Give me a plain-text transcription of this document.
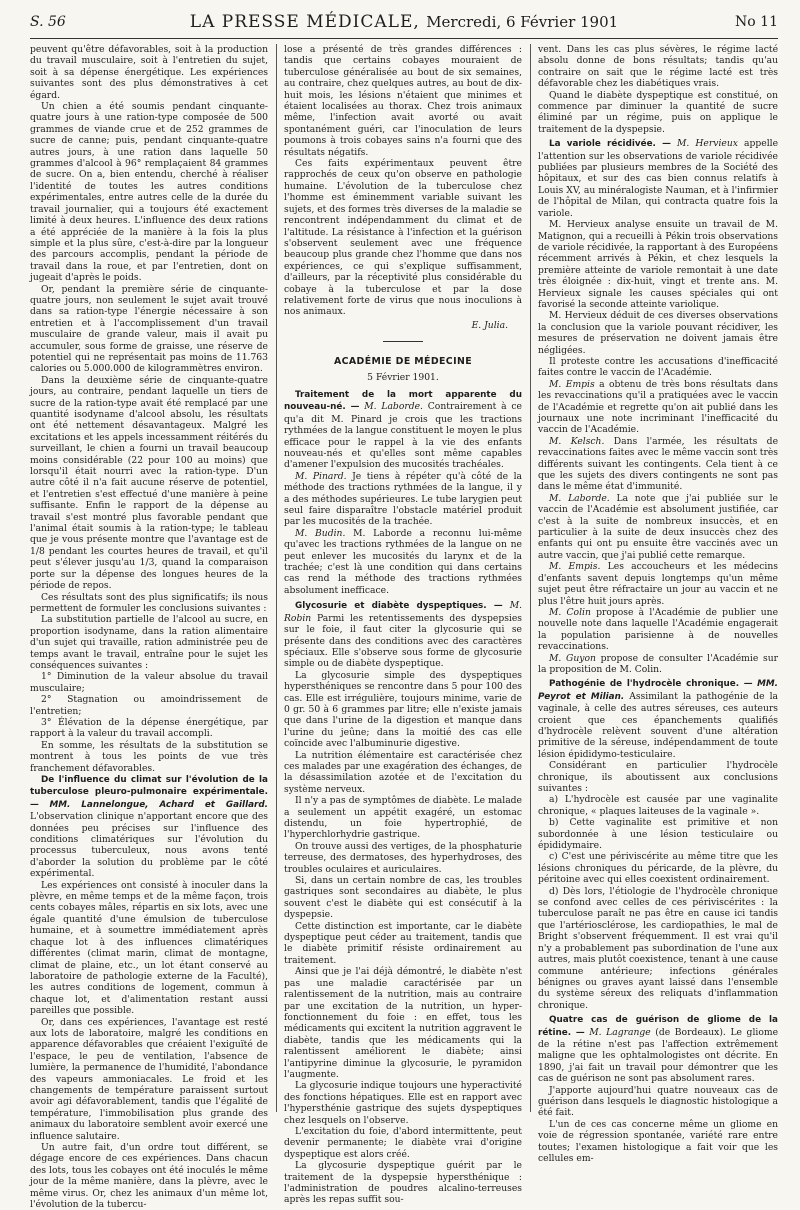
S. 56	LA PRESSE MÉDICALE, Mercredi, 6 Février 1901	No 11

peuvent qu'être défavorables, soit à la production du travail musculaire, soit à l'entretien du sujet, soit à sa dépense énergétique. Les expériences suivantes sont des plus démonstratives à cet égard.

Un chien a été soumis pendant cinquante-quatre jours à une ration-type composée de 500 grammes de viande crue et de 252 grammes de sucre de canne; puis, pendant cinquante-quatre autres jours, à une ration dans laquelle 50 grammes d'alcool à 96° remplaçaient 84 grammes de sucre. On a, bien entendu, cherché à réaliser l'identité de toutes les autres conditions expérimentales, entre autres celle de la durée du travail journalier, qui a toujours été exactement limité à deux heures. L'influence des deux rations a été appréciée de la manière à la fois la plus simple et la plus sûre, c'est-à-dire par la longueur des parcours accomplis, pendant la période de travail dans la roue, et par l'entretien, dont on jugeait d'après le poids.

Or, pendant la première série de cinquante-quatre jours, non seulement le sujet avait trouvé dans sa ration-type l'énergie nécessaire à son entretien et à l'accomplissement d'un travail musculaire de grande valeur, mais il avait pu accumuler, sous forme de graisse, une réserve de potentiel qui ne représentait pas moins de 11.763 calories ou 5.000.000 de kilogrammètres environ.

Dans la deuxième série de cinquante-quatre jours, au contraire, pendant laquelle un tiers de sucre de la ration-type avait été remplacé par une quantité isodyname d'alcool absolu, les résultats ont été nettement désavantageux. Malgré les excitations et les appels incessamment réitérés du surveillant, le chien a fourni un travail beaucoup moins considérable (22 pour 100 au moins) que lorsqu'il était nourri avec la ration-type. D'un autre côté il n'a fait aucune réserve de potentiel, et l'entretien s'est effectué d'une manière à peine suffisante. Enfin le rapport de la dépense au travail s'est montré plus favorable pendant que l'animal était soumis à la ration-type; le tableau que je vous présente montre que l'avantage est de 1/8 pendant les courtes heures de travail, et qu'il peut s'élever jusqu'au 1/3, quand la comparaison porte sur la dépense des longues heures de la période de repos.

Ces résultats sont des plus significatifs; ils nous permettent de formuler les conclusions suivantes :

La substitution partielle de l'alcool au sucre, en proportion isodyname, dans la ration alimentaire d'un sujet qui travaille, ration administrée peu de temps avant le travail, entraîne pour le sujet les conséquences suivantes :

1° Diminution de la valeur absolue du travail musculaire;

2° Stagnation ou amoindrissement de l'entretien;

3° Élévation de la dépense énergétique, par rapport à la valeur du travail accompli.

En somme, les résultats de la substitution se montrent à tous les points de vue très franchement défavorables.

De l'influence du climat sur l'évolution de la tuberculose pleuro-pulmonaire expérimentale. — MM. Lannelongue, Achard et Gaillard. L'observation clinique n'apportant encore que des données peu précises sur l'influence des conditions climatériques sur l'évolution du processus tuberculeux, nous avons tenté d'aborder la solution du problème par le côté expérimental.

Les expériences ont consisté à inoculer dans la plèvre, en même temps et de la même façon, trois cents cobayes mâles, répartis en six lots, avec une égale quantité d'une émulsion de tuberculose humaine, et à soumettre immédiatement après chaque lot à des influences climatériques différentes (climat marin, climat de montagne, climat de plaine, etc., un lot étant conservé au laboratoire de pathologie externe de la Faculté), les autres conditions de logement, commun à chaque lot, et d'alimentation restant aussi pareilles que possible.

Or, dans ces expériences, l'avantage est resté aux lots de laboratoire, malgré les conditions en apparence défavorables que créaient l'exiguïté de l'espace, le peu de ventilation, l'absence de lumière, la permanence de l'humidité, l'abondance des vapeurs ammoniacales. Le froid et les changements de température paraissent surtout avoir agi défavorablement, tandis que l'égalité de température, l'immobilisation plus grande des animaux du laboratoire semblent avoir exercé une influence salutaire.

Un autre fait, d'un ordre tout différent, se dégage encore de ces expériences. Dans chacun des lots, tous les cobayes ont été inoculés le même jour de la même manière, dans la plèvre, avec le même virus. Or, chez les animaux d'un même lot, l'évolution de la tubercu-

lose a présenté de très grandes différences : tandis que certains cobayes mouraient de tuberculose généralisée au bout de six semaines, au contraire, chez quelques autres, au bout de dix-huit mois, les lésions n'étaient que minimes et étaient localisées au thorax. Chez trois animaux même, l'infection avait avorté ou avait spontanément guéri, car l'inoculation de leurs poumons à trois cobayes sains n'a fourni que des résultats négatifs.

Ces faits expérimentaux peuvent être rapprochés de ceux qu'on observe en pathologie humaine. L'évolution de la tuberculose chez l'homme est éminemment variable suivant les sujets, et des formes très diverses de la maladie se rencontrent indépendamment du climat et de l'altitude. La résistance à l'infection et la guérison s'observent seulement avec une fréquence beaucoup plus grande chez l'homme que dans nos expériences, ce qui s'explique suffisamment, d'ailleurs, par la réceptivité plus considérable du cobaye à la tuberculose et par la dose relativement forte de virus que nous inoculions à nos animaux.

E. Julia.

ACADÉMIE DE MÉDECINE
5 Février 1901.

Traitement de la mort apparente du nouveau-né. — M. Laborde. Contrairement à ce qu'a dit M. Pinard je crois que les tractions rythmées de la langue constituent le moyen le plus efficace pour le rappel à la vie des enfants nouveau-nés et qu'elles sont même capables d'amener l'expulsion des mucosités trachéales.

M. Pinard. Je tiens à répéter qu'à côté de la méthode des tractions rythmées de la langue, il y a des méthodes supérieures. Le tube larygien peut seul faire disparaître l'obstacle matériel produit par les mucosités de la trachée.

M. Budin. M. Laborde a reconnu lui-même qu'avec les tractions rythmées de la langue on ne peut enlever les mucosités du larynx et de la trachée; c'est là une condition qui dans certains cas rend la méthode des tractions rythmées absolument inefficace.

Glycosurie et diabète dyspeptiques. — M. Robin Parmi les retentissements des dyspepsies sur le foie, il faut citer la glycosurie qui se présente dans des conditions avec des caractères spéciaux. Elle s'observe sous forme de glycosurie simple ou de diabète dyspeptique.

La glycosurie simple des dyspeptiques hypersthéniques se rencontre dans 5 pour 100 des cas. Elle est irrégulière, toujours minime, varie de 0 gr. 50 à 6 grammes par litre; elle n'existe jamais que dans l'urine de la digestion et manque dans l'urine du jeûne; dans la moitié des cas elle coïncide avec l'albuminurie digestive.

La nutrition élémentaire est caractérisée chez ces malades par une exagération des échanges, de la désassimilation azotée et de l'excitation du système nerveux.

Il n'y a pas de symptômes de diabète. Le malade a seulement un appétit exagéré, un estomac distendu, un foie hypertrophié, de l'hyperchlorhydrie gastrique.

On trouve aussi des vertiges, de la phosphaturie terreuse, des dermatoses, des hyperhydroses, des troubles oculaires et auriculaires.

Si, dans un certain nombre de cas, les troubles gastriques sont secondaires au diabète, le plus souvent c'est le diabète qui est consécutif à la dyspepsie.

Cette distinction est importante, car le diabète dyspeptique peut céder au traitement, tandis que le diabète primitif résiste ordinairement au traitement.

Ainsi que je l'ai déjà démontré, le diabète n'est pas une maladie caractérisée par un ralentissement de la nutrition, mais au contraire par une excitation de la nutrition, un hyper-fonctionnement du foie : en effet, tous les médicaments qui excitent la nutrition aggravent le diabète, tandis que les médicaments qui la ralentissent améliorent le diabète; ainsi l'antipyrine diminue la glycosurie, le pyramidon l'augmente.

La glycosurie indique toujours une hyperactivité des fonctions hépatiques. Elle est en rapport avec l'hypersthénie gastrique des sujets dyspeptiques chez lesquels on l'observe.

L'excitation du foie, d'abord intermittente, peut devenir permanente; le diabète vrai d'origine dyspeptique est alors créé.

La glycosurie dyspeptique guérit par le traitement de la dyspepsie hypersthénique : l'administration de poudres alcalino-terreuses après les repas suffit sou-

vent. Dans les cas plus sévères, le régime lacté absolu donne de bons résultats; tandis qu'au contraire on sait que le régime lacté est très défavorable chez les diabétiques vrais.

Quand le diabète dyspeptique est constitué, on commence par diminuer la quantité de sucre éliminé par un régime, puis on applique le traitement de la dyspepsie.

La variole récidivée. — M. Hervieux appelle l'attention sur les observations de variole récidivée publiées par plusieurs membres de la Société des hôpitaux, et sur des cas bien connus relatifs à Louis XV, au minéralogiste Nauman, et à l'infirmier de l'hôpital de Milan, qui contracta quatre fois la variole.

M. Hervieux analyse ensuite un travail de M. Matignon, qui a recueilli à Pékin trois observations de variole récidivée, la rapportant à des Européens récemment arrivés à Pékin, et chez lesquels la première atteinte de variole remontait à une date très éloignée : dix-huit, vingt et trente ans. M. Hervieux signale les causes spéciales qui ont favorisé la seconde atteinte variolique.

M. Hervieux déduit de ces diverses observations la conclusion que la variole pouvant récidiver, les mesures de préservation ne doivent jamais être négligées.

Il proteste contre les accusations d'inefficacité faites contre le vaccin de l'Académie.

M. Empis a obtenu de très bons résultats dans les revaccinations qu'il a pratiquées avec le vaccin de l'Académie et regrette qu'on ait publié dans les journaux une note incriminant l'inefficacité du vaccin de l'Académie.

M. Kelsch. Dans l'armée, les résultats de revaccinations faites avec le même vaccin sont très différents suivant les contingents. Cela tient à ce que les sujets des divers contingents ne sont pas dans le même état d'immunité.

M. Laborde. La note que j'ai publiée sur le vaccin de l'Académie est absolument justifiée, car c'est à la suite de nombreux insuccès, et en particulier à la suite de deux insuccès chez des enfants qui ont pu ensuite être vaccinés avec un autre vaccin, que j'ai publié cette remarque.

M. Empis. Les accoucheurs et les médecins d'enfants savent depuis longtemps qu'un même sujet peut être réfractaire un jour au vaccin et ne plus l'être huit jours après.

M. Colin propose à l'Académie de publier une nouvelle note dans laquelle l'Académie engagerait la population parisienne à de nouvelles revaccinations.

M. Guyon propose de consulter l'Académie sur la proposition de M. Colin.

Pathogénie de l'hydrocèle chronique. — MM. Peyrot et Milian. Assimilant la pathogénie de la vaginale, à celle des autres séreuses, ces auteurs croient que ces épanchements qualifiés d'hydrocèle relèvent souvent d'une altération primitive de la séreuse, indépendamment de toute lésion épididymo-testiculaire.

Considérant en particulier l'hydrocèle chronique, ils aboutissent aux conclusions suivantes :

a) L'hydrocèle est causée par une vaginalite chronique, « plaques laiteuses de la vaginale ».

b) Cette vaginalite est primitive et non subordonnée à une lésion testiculaire ou épididymaire.

c) C'est une périviscérite au même titre que les lésions chroniques du péricarde, de la plèvre, du péritoine avec qui elles coexistent ordinairement.

d) Dès lors, l'étiologie de l'hydrocèle chronique se confond avec celles de ces périviscérites : la tuberculose paraît ne pas être en cause ici tandis que l'artériosclérose, les cardiopathies, le mal de Bright s'observent fréquemment. Il est vrai qu'il n'y a probablement pas subordination de l'une aux autres, mais plutôt coexistence, tenant à une cause commune antérieure; infections générales bénignes ou graves ayant laissé dans l'ensemble du système séreux des reliquats d'inflammation chronique.

Quatre cas de guérison de gliome de la rétine. — M. Lagrange (de Bordeaux). Le gliome de la rétine n'est pas l'affection extrêmement maligne que les ophtalmologistes ont décrite. En 1890, j'ai fait un travail pour démontrer que les cas de guérison ne sont pas absolument rares.

J'apporte aujourd'hui quatre nouveaux cas de guérison dans lesquels le diagnostic histologique a été fait.

L'un de ces cas concerne même un gliome en voie de régression spontanée, variété rare entre toutes; l'examen histologique a fait voir que les cellules em-
